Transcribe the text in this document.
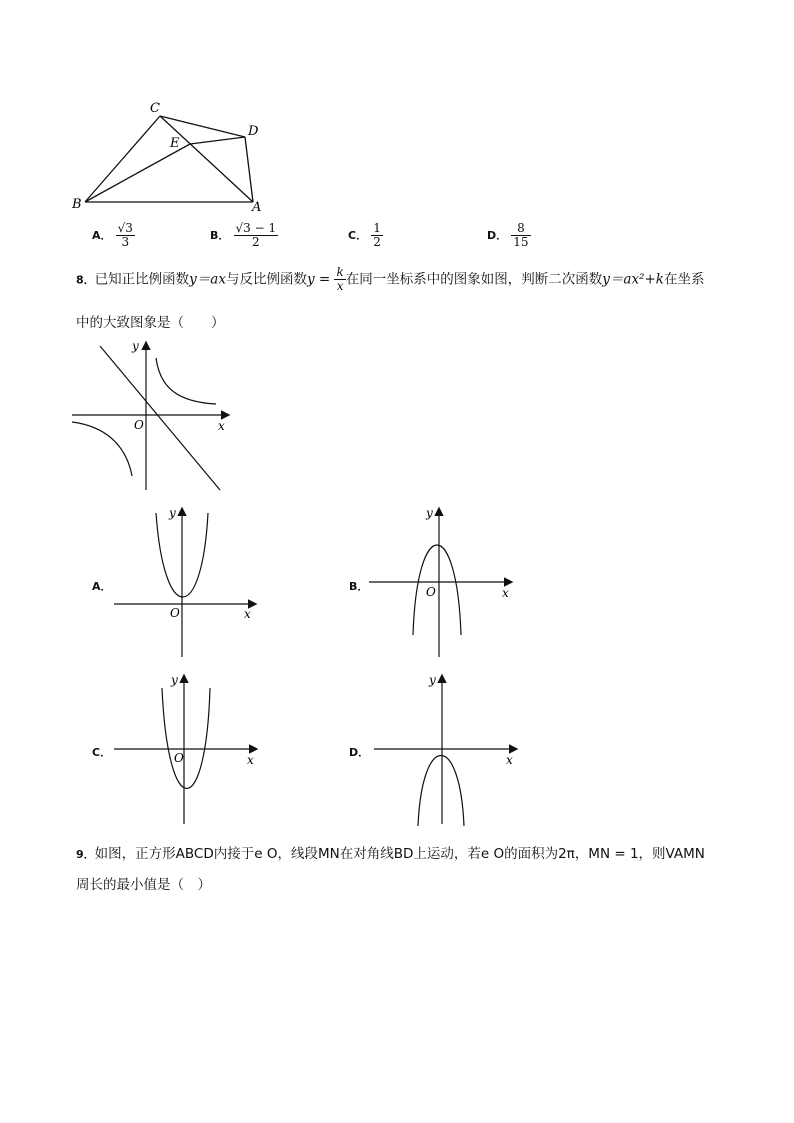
C
D
E
B	A
A． $\frac{√3}{3}$	B． $\frac{√3 - 1}{2}$	C． $\frac{1}{2}$	D． $\frac{8}{15}$
8．已知正比例函数y＝ax与反比例函数$y = \frac{k}{x}$ 在同一坐标系中的图象如图，判断二次函数y＝ax²+k在坐系
中的大致图象是（　　）
y
x
O
A．
y
x
O
B．
y
x
O
C．
y
x
O	D．
y
x
9．如图，正方形ABCD内接于e O，线段MN在对角线BD上运动，若e O的面积为2π，MN = 1，则VAMN
周长的最小值是（　）
